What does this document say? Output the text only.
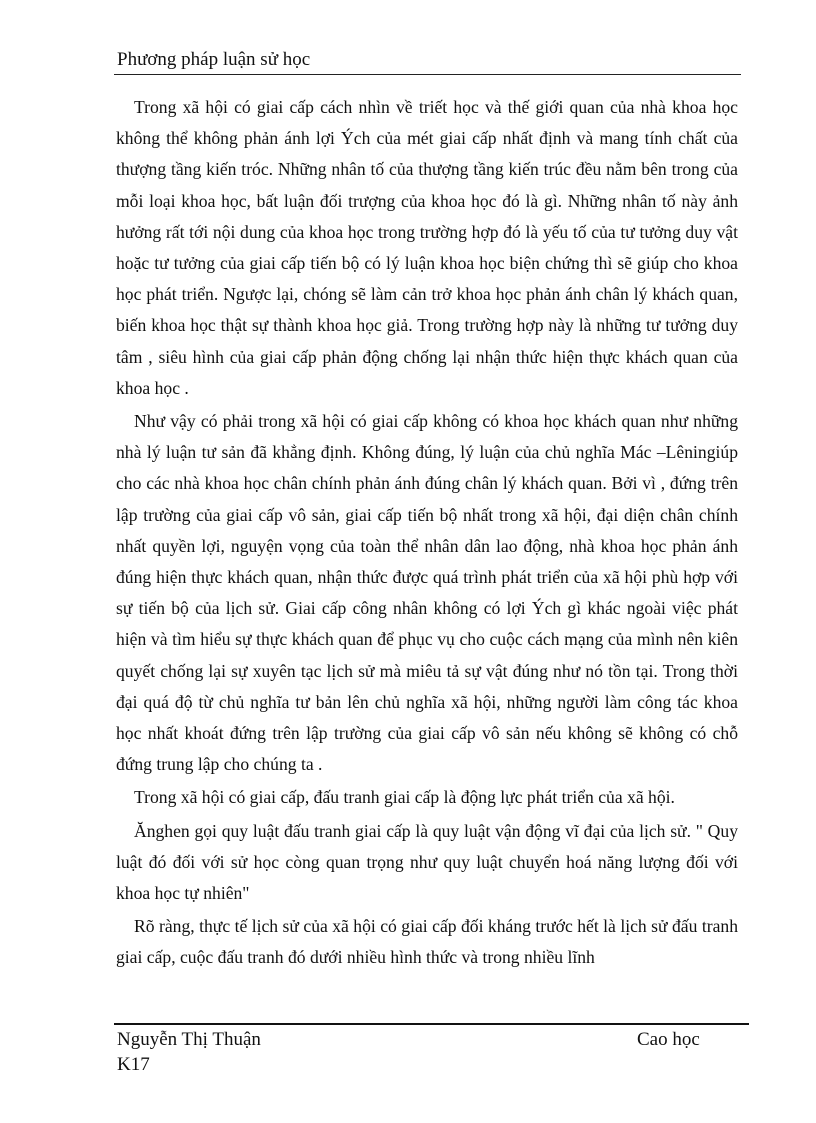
Phương pháp luận sử học

Trong xã hội có giai cấp cách nhìn về triết học và thế giới quan của nhà khoa học không thể không phản ánh lợi Ých của mét giai cấp nhất định và mang tính chất của thượng tầng kiến tróc. Những nhân tố của thượng tầng kiến trúc đều nằm bên trong của mỗi loại khoa học, bất luận đối trượng của khoa học đó là gì. Những nhân tố này ảnh hưởng rất tới nội dung của khoa học trong trường hợp đó là yếu tố của tư tưởng duy vật hoặc tư tưởng của giai cấp tiến bộ có lý luận khoa học biện chứng thì sẽ giúp cho khoa học phát triển. Ngược lại, chóng sẽ làm cản trở khoa học phản ánh chân lý khách quan, biến khoa học thật sự thành khoa học giả. Trong trường hợp này là những tư tưởng duy tâm , siêu hình của giai cấp phản động chống lại nhận thức hiện thực khách quan của khoa học .

Như vậy có phải trong xã hội có giai cấp không có khoa học khách quan như những nhà lý luận tư sản đã khẳng định. Không đúng, lý luận của chủ nghĩa Mác –Lêningiúp cho các nhà khoa học chân chính phản ánh đúng chân lý khách quan. Bởi vì , đứng trên lập trường của giai cấp vô sản, giai cấp tiến bộ nhất trong xã hội, đại diện chân chính nhất quyền lợi, nguyện vọng của toàn thể nhân dân lao động, nhà khoa học phản ánh đúng hiện thực khách quan, nhận thức được quá trình phát triển của xã hội phù hợp với sự tiến bộ của lịch sử. Giai cấp công nhân không có lợi Ých gì khác ngoài việc phát hiện và tìm hiểu sự thực khách quan để phục vụ cho cuộc cách mạng của mình nên kiên quyết chống lại sự xuyên tạc lịch sử mà miêu tả sự vật đúng như nó tồn tại. Trong thời đại quá độ từ chủ nghĩa tư bản lên chủ nghĩa xã hội, những người làm công tác khoa học nhất khoát đứng trên lập trường của giai cấp vô sản nếu không sẽ không có chỗ đứng trung lập cho chúng ta .

Trong xã hội có giai cấp, đấu tranh giai cấp là động lực phát triển của xã hội.

Ănghen gọi quy luật đấu tranh giai cấp là quy luật vận động vĩ đại của lịch sử. " Quy luật đó đối với sử học còng quan trọng như quy luật chuyển hoá năng lượng đối với khoa học tự nhiên"

Rõ ràng, thực tế lịch sử của xã hội có giai cấp đối kháng trước hết là lịch sử đấu tranh giai cấp, cuộc đấu tranh đó dưới nhiều hình thức và trong nhiều lĩnh

Nguyễn Thị Thuận	Cao học
K17
